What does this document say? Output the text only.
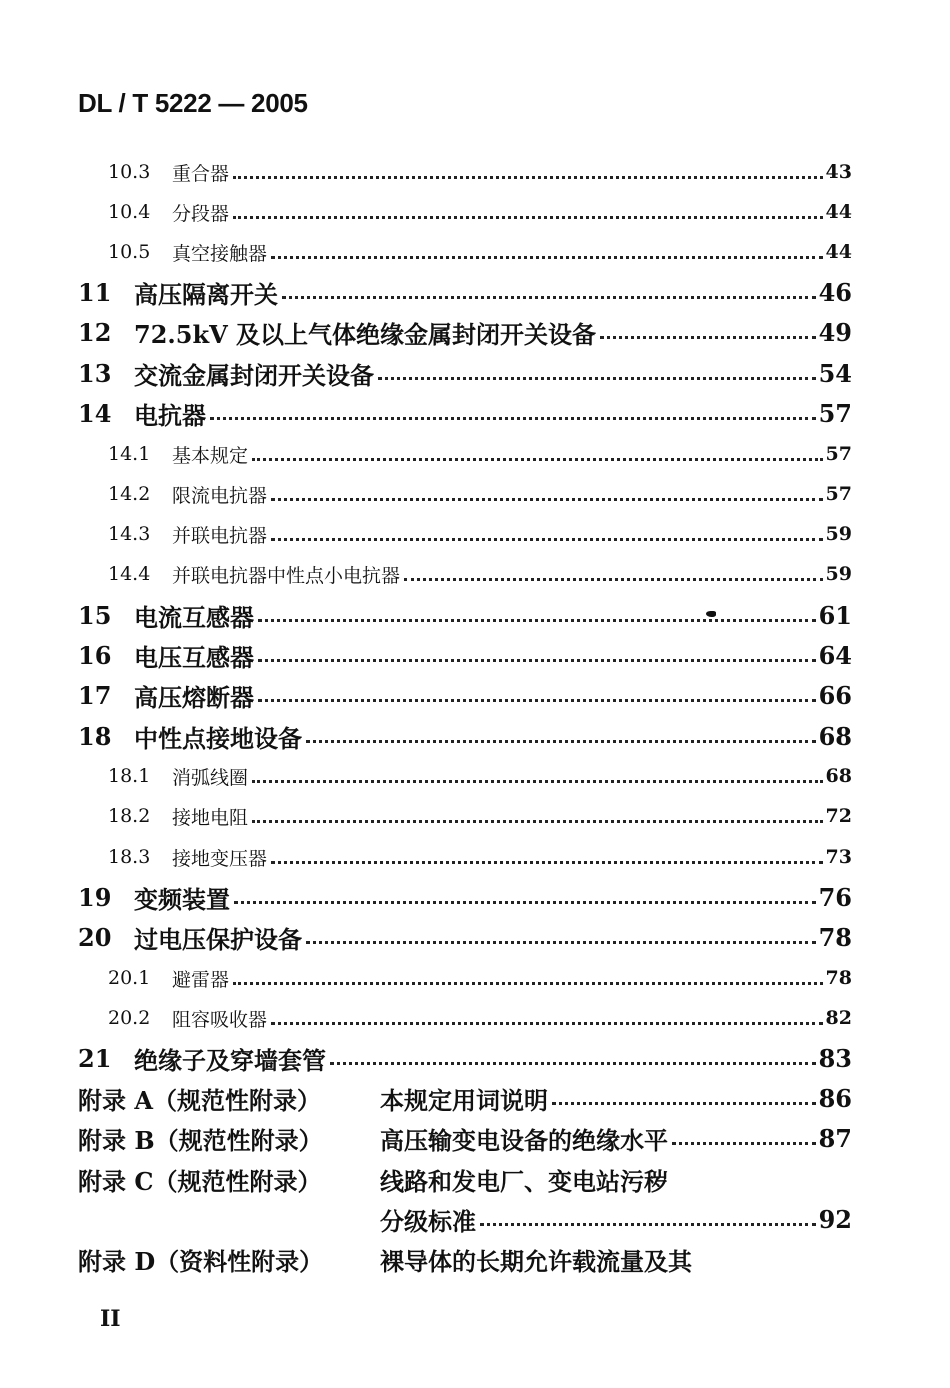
DL / T 5222 — 2005
10.3	重合器	43
10.4	分段器	44
10.5	真空接触器	44
11 高压隔离开关	46
12 72.5kV 及以上气体绝缘金属封闭开关设备	49
13 交流金属封闭开关设备	54
14 电抗器	57
14.1	基本规定	57
14.2	限流电抗器	57
14.3	并联电抗器	59
14.4	并联电抗器中性点小电抗器	59
15 电流互感器	61
16 电压互感器	64
17 高压熔断器	66
18 中性点接地设备	68
18.1	消弧线圈	68
18.2	接地电阻	72
18.3	接地变压器	73
19 变频装置	76
20 过电压保护设备	78
20.1	避雷器	78
20.2	阻容吸收器	82
21 绝缘子及穿墙套管	83
附录 A（规范性附录）	本规定用词说明	86
附录 B（规范性附录）	高压输变电设备的绝缘水平	87
附录 C（规范性附录）	线路和发电厂、变电站污秽
分级标准	92
附录 D（资料性附录）	裸导体的长期允许载流量及其
II
